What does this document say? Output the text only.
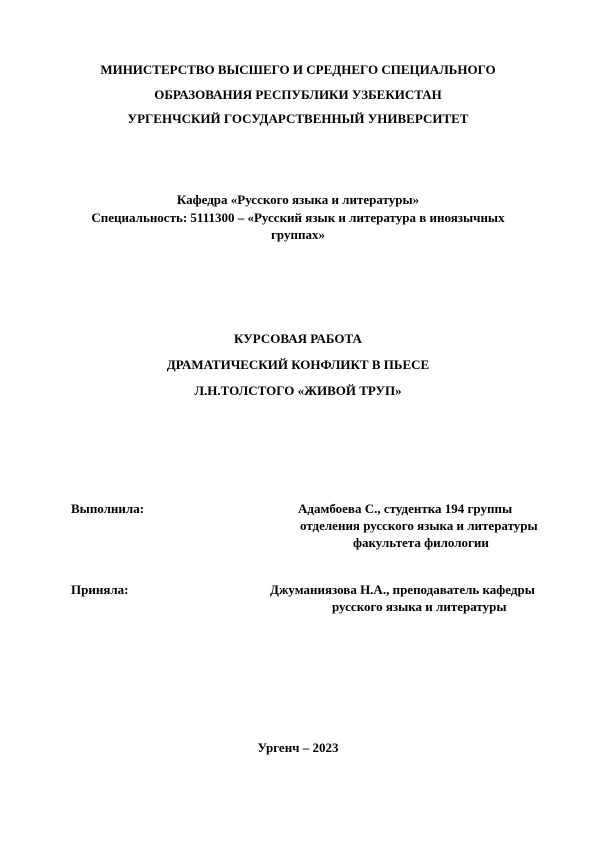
МИНИСТЕРСТВО ВЫСШЕГО И СРЕДНЕГО СПЕЦИАЛЬНОГО
ОБРАЗОВАНИЯ РЕСПУБЛИКИ УЗБЕКИСТАН
УРГЕНЧСКИЙ ГОСУДАРСТВЕННЫЙ УНИВЕРСИТЕТ
Кафедра «Русского языка и литературы»
Специальность: 5111300 – «Русский язык и литература в иноязычных
группах»
КУРСОВАЯ РАБОТА
ДРАМАТИЧЕСКИЙ КОНФЛИКТ В ПЬЕСЕ
Л.Н.ТОЛСТОГО «ЖИВОЙ ТРУП»
Выполнила:	Адамбоева С., студентка 194 группы
отделения русского языка и литературы
факультета филологии
Приняла:	Джуманиязова Н.А., преподаватель кафедры
русского языка и литературы
Ургенч – 2023
